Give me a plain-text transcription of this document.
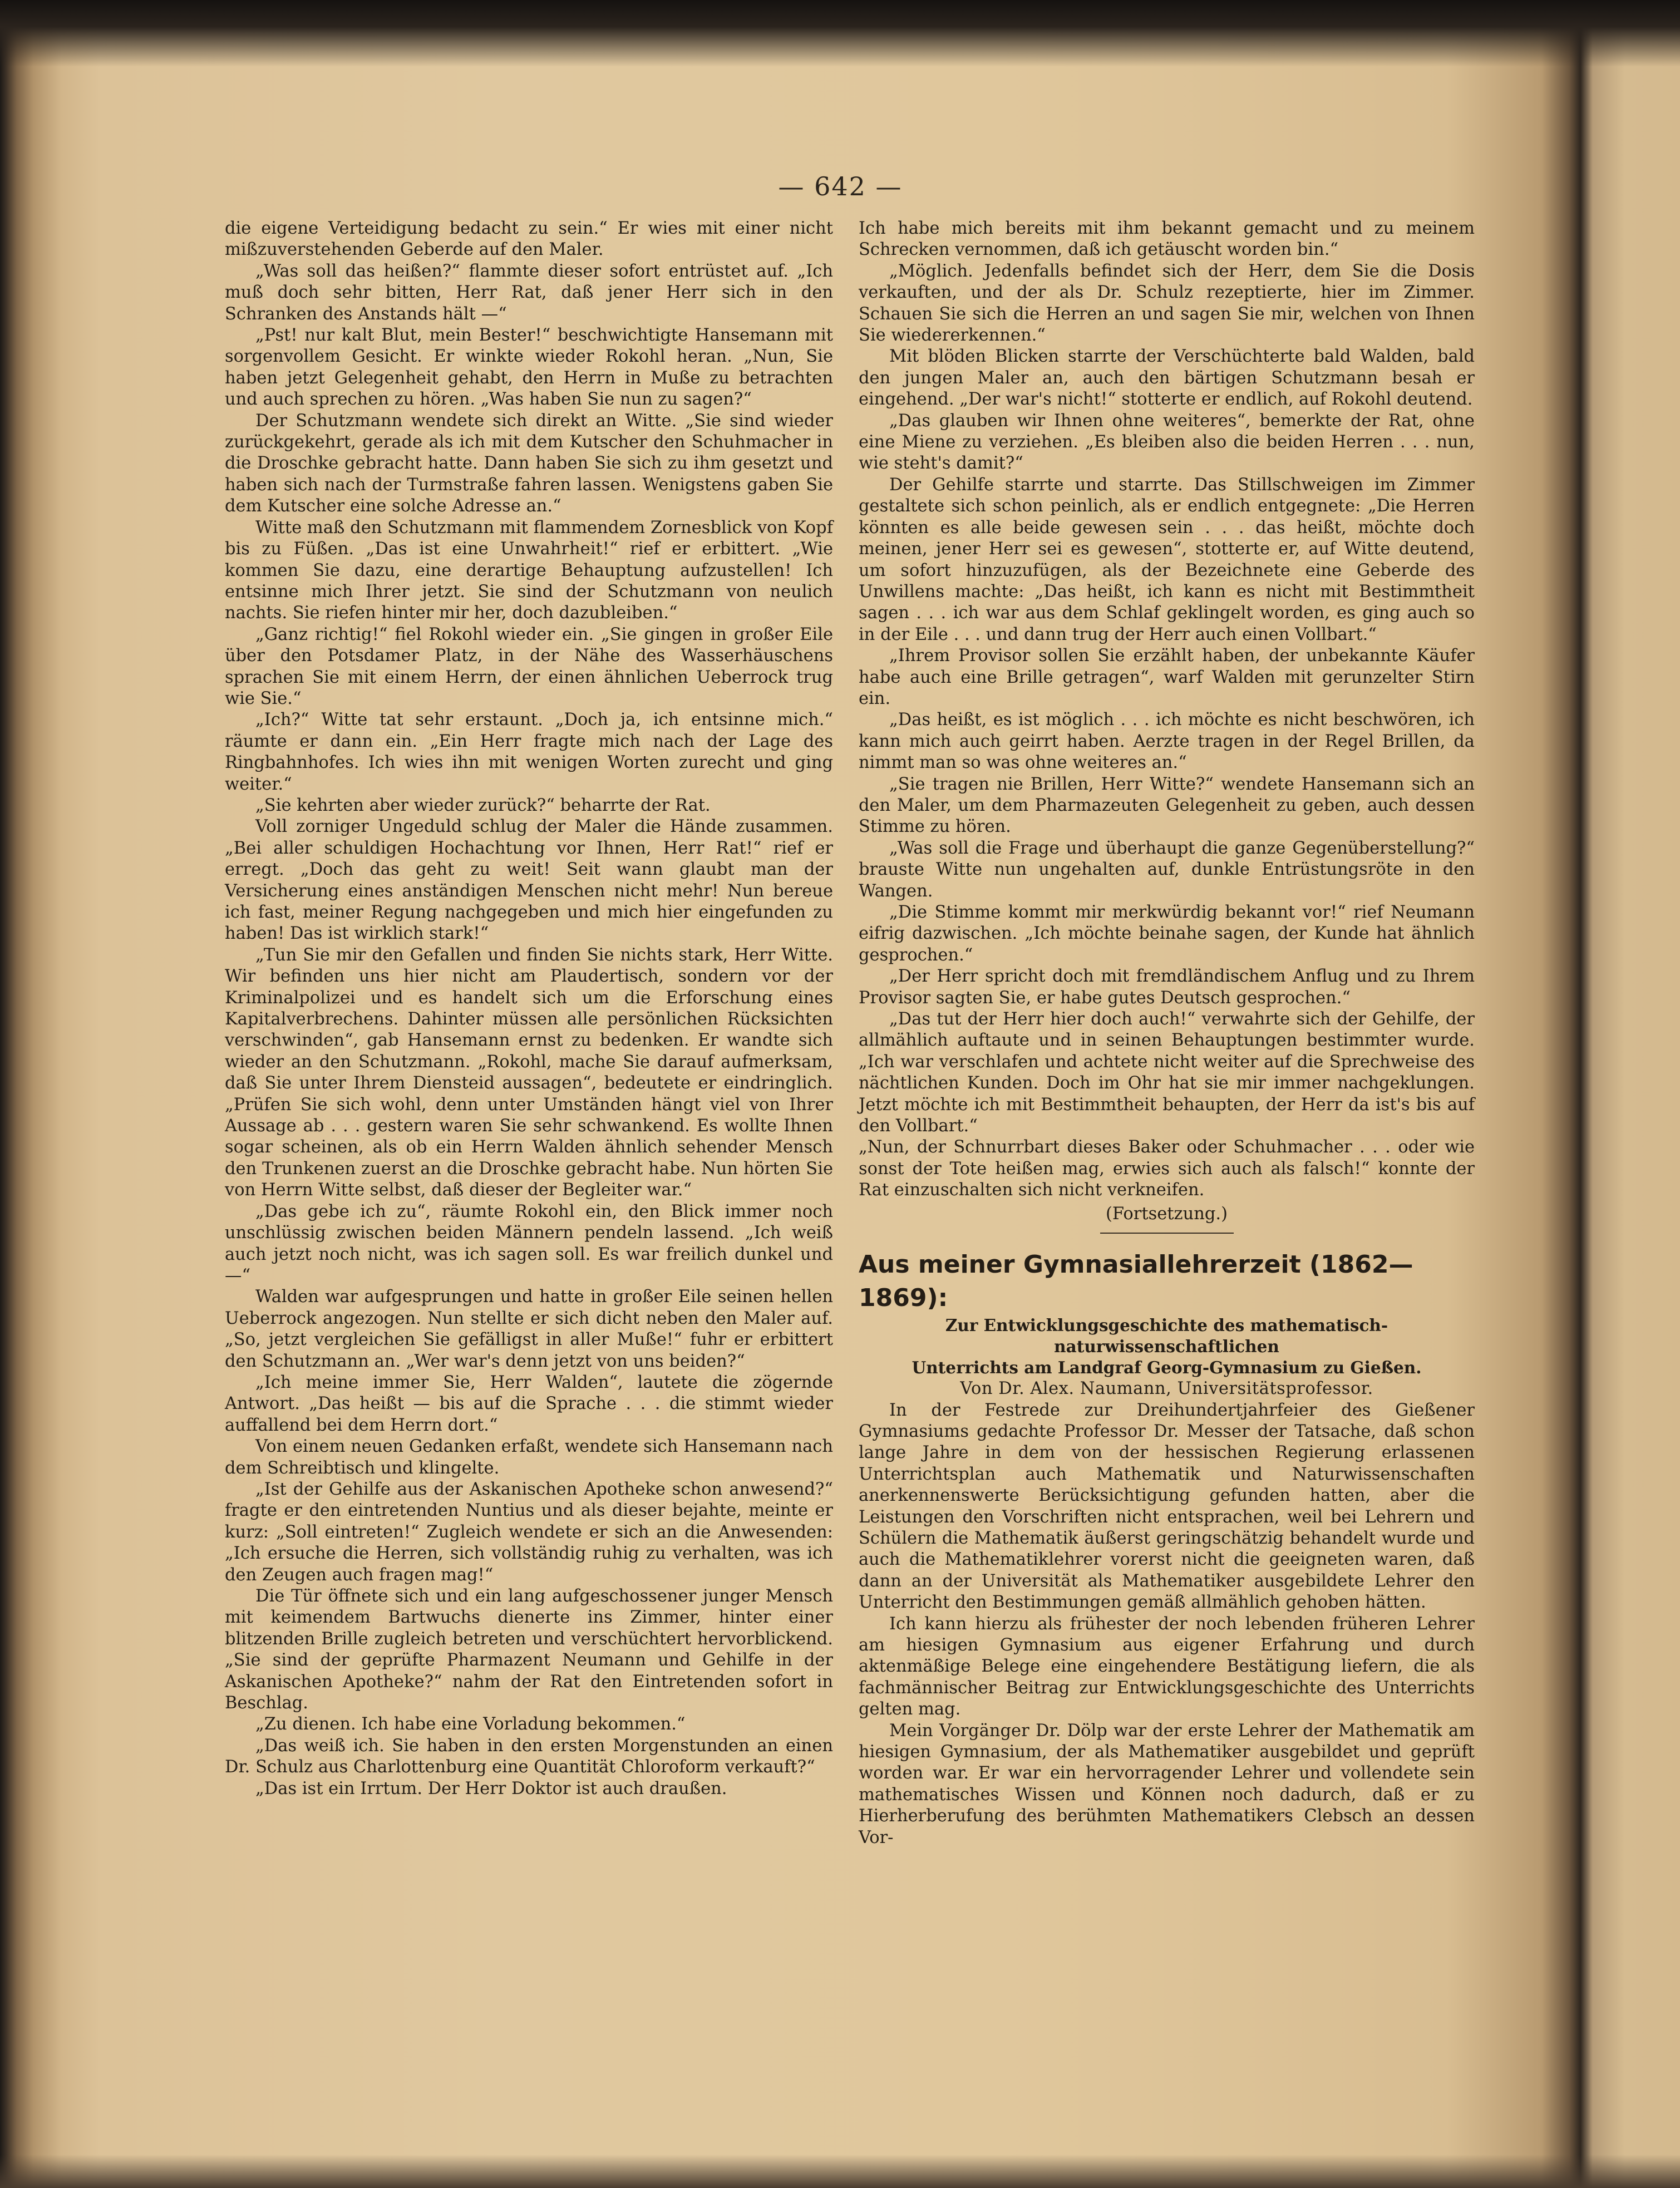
— 642 —

die eigene Verteidigung bedacht zu sein.“ Er wies mit einer nicht mißzuverstehenden Geberde auf den Maler.

„Was soll das heißen?“ flammte dieser sofort entrüstet auf. „Ich muß doch sehr bitten, Herr Rat, daß jener Herr sich in den Schranken des Anstands hält —“

„Pst! nur kalt Blut, mein Bester!“ beschwichtigte Hansemann mit sorgenvollem Gesicht. Er winkte wieder Rokohl heran. „Nun, Sie haben jetzt Gelegenheit gehabt, den Herrn in Muße zu betrachten und auch sprechen zu hören. „Was haben Sie nun zu sagen?“

Der Schutzmann wendete sich direkt an Witte. „Sie sind wieder zurückgekehrt, gerade als ich mit dem Kutscher den Schuhmacher in die Droschke gebracht hatte. Dann haben Sie sich zu ihm gesetzt und haben sich nach der Turmstraße fahren lassen. Wenigstens gaben Sie dem Kutscher eine solche Adresse an.“

Witte maß den Schutzmann mit flammendem Zornesblick von Kopf bis zu Füßen. „Das ist eine Unwahrheit!“ rief er erbittert. „Wie kommen Sie dazu, eine derartige Behauptung aufzustellen! Ich entsinne mich Ihrer jetzt. Sie sind der Schutzmann von neulich nachts. Sie riefen hinter mir her, doch dazubleiben.“

„Ganz richtig!“ fiel Rokohl wieder ein. „Sie gingen in großer Eile über den Potsdamer Platz, in der Nähe des Wasserhäuschens sprachen Sie mit einem Herrn, der einen ähnlichen Ueberrock trug wie Sie.“

„Ich?“ Witte tat sehr erstaunt. „Doch ja, ich entsinne mich.“ räumte er dann ein. „Ein Herr fragte mich nach der Lage des Ringbahnhofes. Ich wies ihn mit wenigen Worten zurecht und ging weiter.“

„Sie kehrten aber wieder zurück?“ beharrte der Rat.

Voll zorniger Ungeduld schlug der Maler die Hände zusammen. „Bei aller schuldigen Hochachtung vor Ihnen, Herr Rat!“ rief er erregt. „Doch das geht zu weit! Seit wann glaubt man der Versicherung eines anständigen Menschen nicht mehr! Nun bereue ich fast, meiner Regung nachgegeben und mich hier eingefunden zu haben! Das ist wirklich stark!“

„Tun Sie mir den Gefallen und finden Sie nichts stark, Herr Witte. Wir befinden uns hier nicht am Plaudertisch, sondern vor der Kriminalpolizei und es handelt sich um die Erforschung eines Kapitalverbrechens. Dahinter müssen alle persönlichen Rücksichten verschwinden“, gab Hansemann ernst zu bedenken. Er wandte sich wieder an den Schutzmann. „Rokohl, mache Sie darauf aufmerksam, daß Sie unter Ihrem Diensteid aussagen“, bedeutete er eindringlich. „Prüfen Sie sich wohl, denn unter Umständen hängt viel von Ihrer Aussage ab . . . gestern waren Sie sehr schwankend. Es wollte Ihnen sogar scheinen, als ob ein Herrn Walden ähnlich sehender Mensch den Trunkenen zuerst an die Droschke gebracht habe. Nun hörten Sie von Herrn Witte selbst, daß dieser der Begleiter war.“

„Das gebe ich zu“, räumte Rokohl ein, den Blick immer noch unschlüssig zwischen beiden Männern pendeln lassend. „Ich weiß auch jetzt noch nicht, was ich sagen soll. Es war freilich dunkel und —“

Walden war aufgesprungen und hatte in großer Eile seinen hellen Ueberrock angezogen. Nun stellte er sich dicht neben den Maler auf. „So, jetzt vergleichen Sie gefälligst in aller Muße!“ fuhr er erbittert den Schutzmann an. „Wer war's denn jetzt von uns beiden?“

„Ich meine immer Sie, Herr Walden“, lautete die zögernde Antwort. „Das heißt — bis auf die Sprache . . . die stimmt wieder auffallend bei dem Herrn dort.“

Von einem neuen Gedanken erfaßt, wendete sich Hansemann nach dem Schreibtisch und klingelte.

„Ist der Gehilfe aus der Askanischen Apotheke schon anwesend?“ fragte er den eintretenden Nuntius und als dieser bejahte, meinte er kurz: „Soll eintreten!“ Zugleich wendete er sich an die Anwesenden: „Ich ersuche die Herren, sich vollständig ruhig zu verhalten, was ich den Zeugen auch fragen mag!“

Die Tür öffnete sich und ein lang aufgeschossener junger Mensch mit keimendem Bartwuchs dienerte ins Zimmer, hinter einer blitzenden Brille zugleich betreten und verschüchtert hervorblickend. „Sie sind der geprüfte Pharmazent Neumann und Gehilfe in der Askanischen Apotheke?“ nahm der Rat den Eintretenden sofort in Beschlag.

„Zu dienen. Ich habe eine Vorladung bekommen.“

„Das weiß ich. Sie haben in den ersten Morgenstunden an einen Dr. Schulz aus Charlottenburg eine Quantität Chloroform verkauft?“

„Das ist ein Irrtum. Der Herr Doktor ist auch draußen.

Ich habe mich bereits mit ihm bekannt gemacht und zu meinem Schrecken vernommen, daß ich getäuscht worden bin.“

„Möglich. Jedenfalls befindet sich der Herr, dem Sie die Dosis verkauften, und der als Dr. Schulz rezeptierte, hier im Zimmer. Schauen Sie sich die Herren an und sagen Sie mir, welchen von Ihnen Sie wiedererkennen.“

Mit blöden Blicken starrte der Verschüchterte bald Walden, bald den jungen Maler an, auch den bärtigen Schutzmann besah er eingehend. „Der war's nicht!“ stotterte er endlich, auf Rokohl deutend.

„Das glauben wir Ihnen ohne weiteres“, bemerkte der Rat, ohne eine Miene zu verziehen. „Es bleiben also die beiden Herren . . . nun, wie steht's damit?“

Der Gehilfe starrte und starrte. Das Stillschweigen im Zimmer gestaltete sich schon peinlich, als er endlich entgegnete: „Die Herren könnten es alle beide gewesen sein . . . das heißt, möchte doch meinen, jener Herr sei es gewesen“, stotterte er, auf Witte deutend, um sofort hinzuzufügen, als der Bezeichnete eine Geberde des Unwillens machte: „Das heißt, ich kann es nicht mit Bestimmtheit sagen . . . ich war aus dem Schlaf geklingelt worden, es ging auch so in der Eile . . . und dann trug der Herr auch einen Vollbart.“

„Ihrem Provisor sollen Sie erzählt haben, der unbekannte Käufer habe auch eine Brille getragen“, warf Walden mit gerunzelter Stirn ein.

„Das heißt, es ist möglich . . . ich möchte es nicht beschwören, ich kann mich auch geirrt haben. Aerzte tragen in der Regel Brillen, da nimmt man so was ohne weiteres an.“

„Sie tragen nie Brillen, Herr Witte?“ wendete Hansemann sich an den Maler, um dem Pharmazeuten Gelegenheit zu geben, auch dessen Stimme zu hören.

„Was soll die Frage und überhaupt die ganze Gegenüberstellung?“ brauste Witte nun ungehalten auf, dunkle Entrüstungsröte in den Wangen.

„Die Stimme kommt mir merkwürdig bekannt vor!“ rief Neumann eifrig dazwischen. „Ich möchte beinahe sagen, der Kunde hat ähnlich gesprochen.“

„Der Herr spricht doch mit fremdländischem Anflug und zu Ihrem Provisor sagten Sie, er habe gutes Deutsch gesprochen.“

„Das tut der Herr hier doch auch!“ verwahrte sich der Gehilfe, der allmählich auftaute und in seinen Behauptungen bestimmter wurde. „Ich war verschlafen und achtete nicht weiter auf die Sprechweise des nächtlichen Kunden. Doch im Ohr hat sie mir immer nachgeklungen. Jetzt möchte ich mit Bestimmtheit behaupten, der Herr da ist's bis auf den Vollbart.“

„Nun, der Schnurrbart dieses Baker oder Schuhmacher . . . oder wie sonst der Tote heißen mag, erwies sich auch als falsch!“ konnte der Rat einzuschalten sich nicht verkneifen.

(Fortsetzung.)

Aus meiner Gymnasiallehrerzeit (1862—1869):

Zur Entwicklungsgeschichte des mathematisch-naturwissenschaftlichen

Unterrichts am Landgraf Georg-Gymnasium zu Gießen.

Von Dr. Alex. Naumann, Universitätsprofessor.

In der Festrede zur Dreihundertjahrfeier des Gießener Gymnasiums gedachte Professor Dr. Messer der Tatsache, daß schon lange Jahre in dem von der hessischen Regierung erlassenen Unterrichtsplan auch Mathematik und Naturwissenschaften anerkennenswerte Berücksichtigung gefunden hatten, aber die Leistungen den Vorschriften nicht entsprachen, weil bei Lehrern und Schülern die Mathematik äußerst geringschätzig behandelt wurde und auch die Mathematiklehrer vorerst nicht die geeigneten waren, daß dann an der Universität als Mathematiker ausgebildete Lehrer den Unterricht den Bestimmungen gemäß allmählich gehoben hätten.

Ich kann hierzu als frühester der noch lebenden früheren Lehrer am hiesigen Gymnasium aus eigener Erfahrung und durch aktenmäßige Belege eine eingehendere Bestätigung liefern, die als fachmännischer Beitrag zur Entwicklungsgeschichte des Unterrichts gelten mag.

Mein Vorgänger Dr. Dölp war der erste Lehrer der Mathematik am hiesigen Gymnasium, der als Mathematiker ausgebildet und geprüft worden war. Er war ein hervorragender Lehrer und vollendete sein mathematisches Wissen und Können noch dadurch, daß er zu Hierherberufung des berühmten Mathematikers Clebsch an dessen Vor-
